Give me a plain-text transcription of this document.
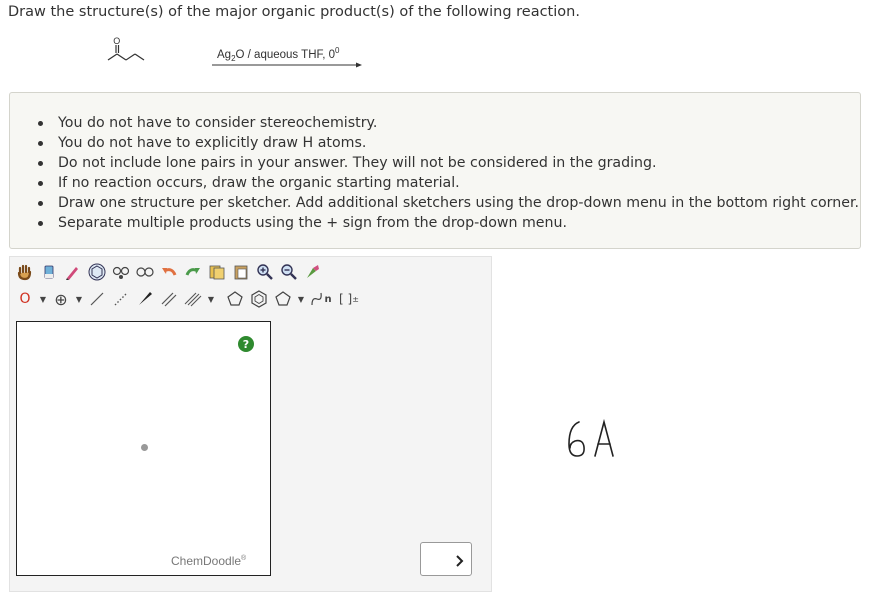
Draw the structure(s) of the major organic product(s) of the following reaction.
O
$Ag_2O$ / aqueous THF, $0^0$
You do not have to consider stereochemistry.
You do not have to explicitly draw H atoms.
Do not include lone pairs in your answer. They will not be considered in the grading.
If no reaction occurs, draw the organic starting material.
Draw one structure per sketcher. Add additional sketchers using the drop-down menu in the bottom right corner.
Separate multiple products using the + sign from the drop-down menu.
O	▼ ⊕	▼	▼	▼ n [ ] ±
?
ChemDoodle®
